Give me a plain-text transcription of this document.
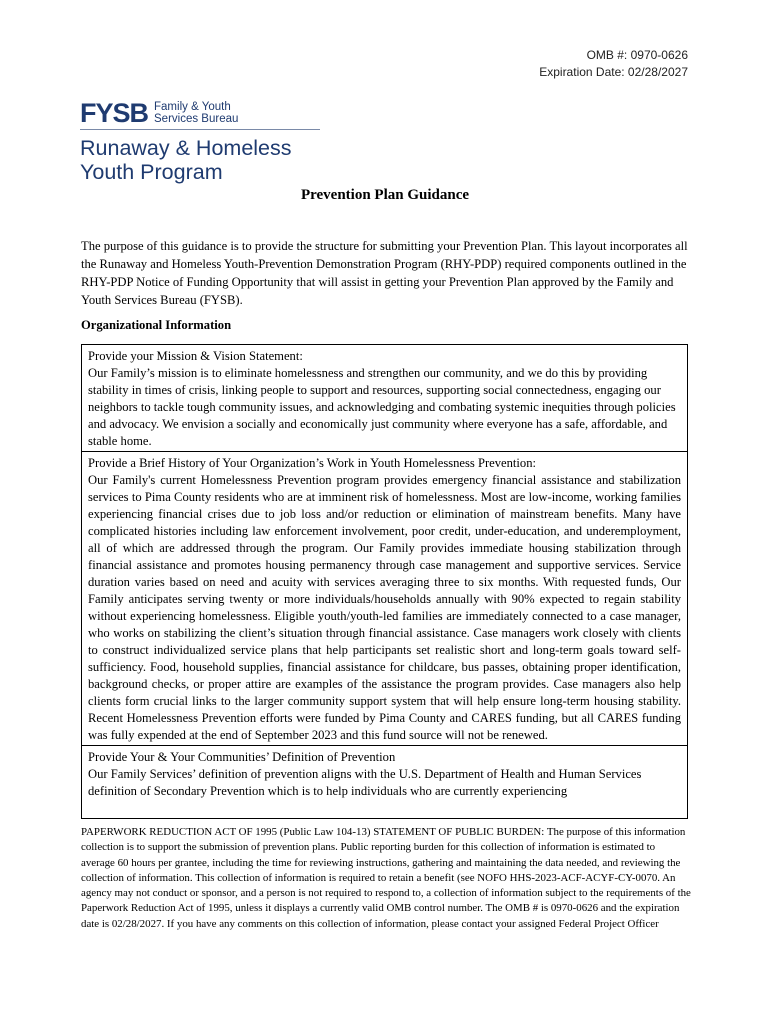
OMB #: 0970-0626
Expiration Date: 02/28/2027
FYSB Family & Youth
Services Bureau
Runaway & Homeless
Youth Program
Prevention Plan Guidance
The purpose of this guidance is to provide the structure for submitting your Prevention Plan. This layout incorporates all the Runaway and Homeless Youth-Prevention Demonstration Program (RHY-PDP) required components outlined in the RHY-PDP Notice of Funding Opportunity that will assist in getting your Prevention Plan approved by the Family and Youth Services Bureau (FYSB).
Organizational Information

Provide your Mission & Vision Statement:

Our Family’s mission is to eliminate homelessness and strengthen our community, and we do this by providing stability in times of crisis, linking people to support and resources, supporting social connectedness, engaging our neighbors to tackle tough community issues, and acknowledging and combating systemic inequities through policies and advocacy. We envision a socially and economically just community where everyone has a safe, affordable, and stable home.

Provide a Brief History of Your Organization’s Work in Youth Homelessness Prevention:

Our Family's current Homelessness Prevention program provides emergency financial assistance and stabilization services to Pima County residents who are at imminent risk of homelessness. Most are low-income, working families experiencing financial crises due to job loss and/or reduction or elimination of mainstream benefits. Many have complicated histories including law enforcement involvement, poor credit, under-education, and underemployment, all of which are addressed through the program. Our Family provides immediate housing stabilization through financial assistance and promotes housing permanency through case management and supportive services. Service duration varies based on need and acuity with services averaging three to six months. With requested funds, Our Family anticipates serving twenty or more individuals/households annually with 90% expected to regain stability without experiencing homelessness. Eligible youth/youth-led families are immediately connected to a case manager, who works on stabilizing the client’s situation through financial assistance. Case managers work closely with clients to construct individualized service plans that help participants set realistic short and long-term goals toward self-sufficiency. Food, household supplies, financial assistance for childcare, bus passes, obtaining proper identification, background checks, or proper attire are examples of the assistance the program provides. Case managers also help clients form crucial links to the larger community support system that will help ensure long-term housing stability. Recent Homelessness Prevention efforts were funded by Pima County and CARES funding, but all CARES funding was fully expended at the end of September 2023 and this fund source will not be renewed.

Provide Your & Your Communities’ Definition of Prevention

Our Family Services’ definition of prevention aligns with the U.S. Department of Health and Human Services definition of Secondary Prevention which is to help individuals who are currently experiencing

PAPERWORK REDUCTION ACT OF 1995 (Public Law 104-13) STATEMENT OF PUBLIC BURDEN: The purpose of this information collection is to support the submission of prevention plans. Public reporting burden for this collection of information is estimated to average 60 hours per grantee, including the time for reviewing instructions, gathering and maintaining the data needed, and reviewing the collection of information. This collection of information is required to retain a benefit (see NOFO HHS-2023-ACF-ACYF-CY-0070. An agency may not conduct or sponsor, and a person is not required to respond to, a collection of information subject to the requirements of the Paperwork Reduction Act of 1995, unless it displays a currently valid OMB control number. The OMB # is 0970-0626 and the expiration date is 02/28/2027. If you have any comments on this collection of information, please contact your assigned Federal Project Officer
